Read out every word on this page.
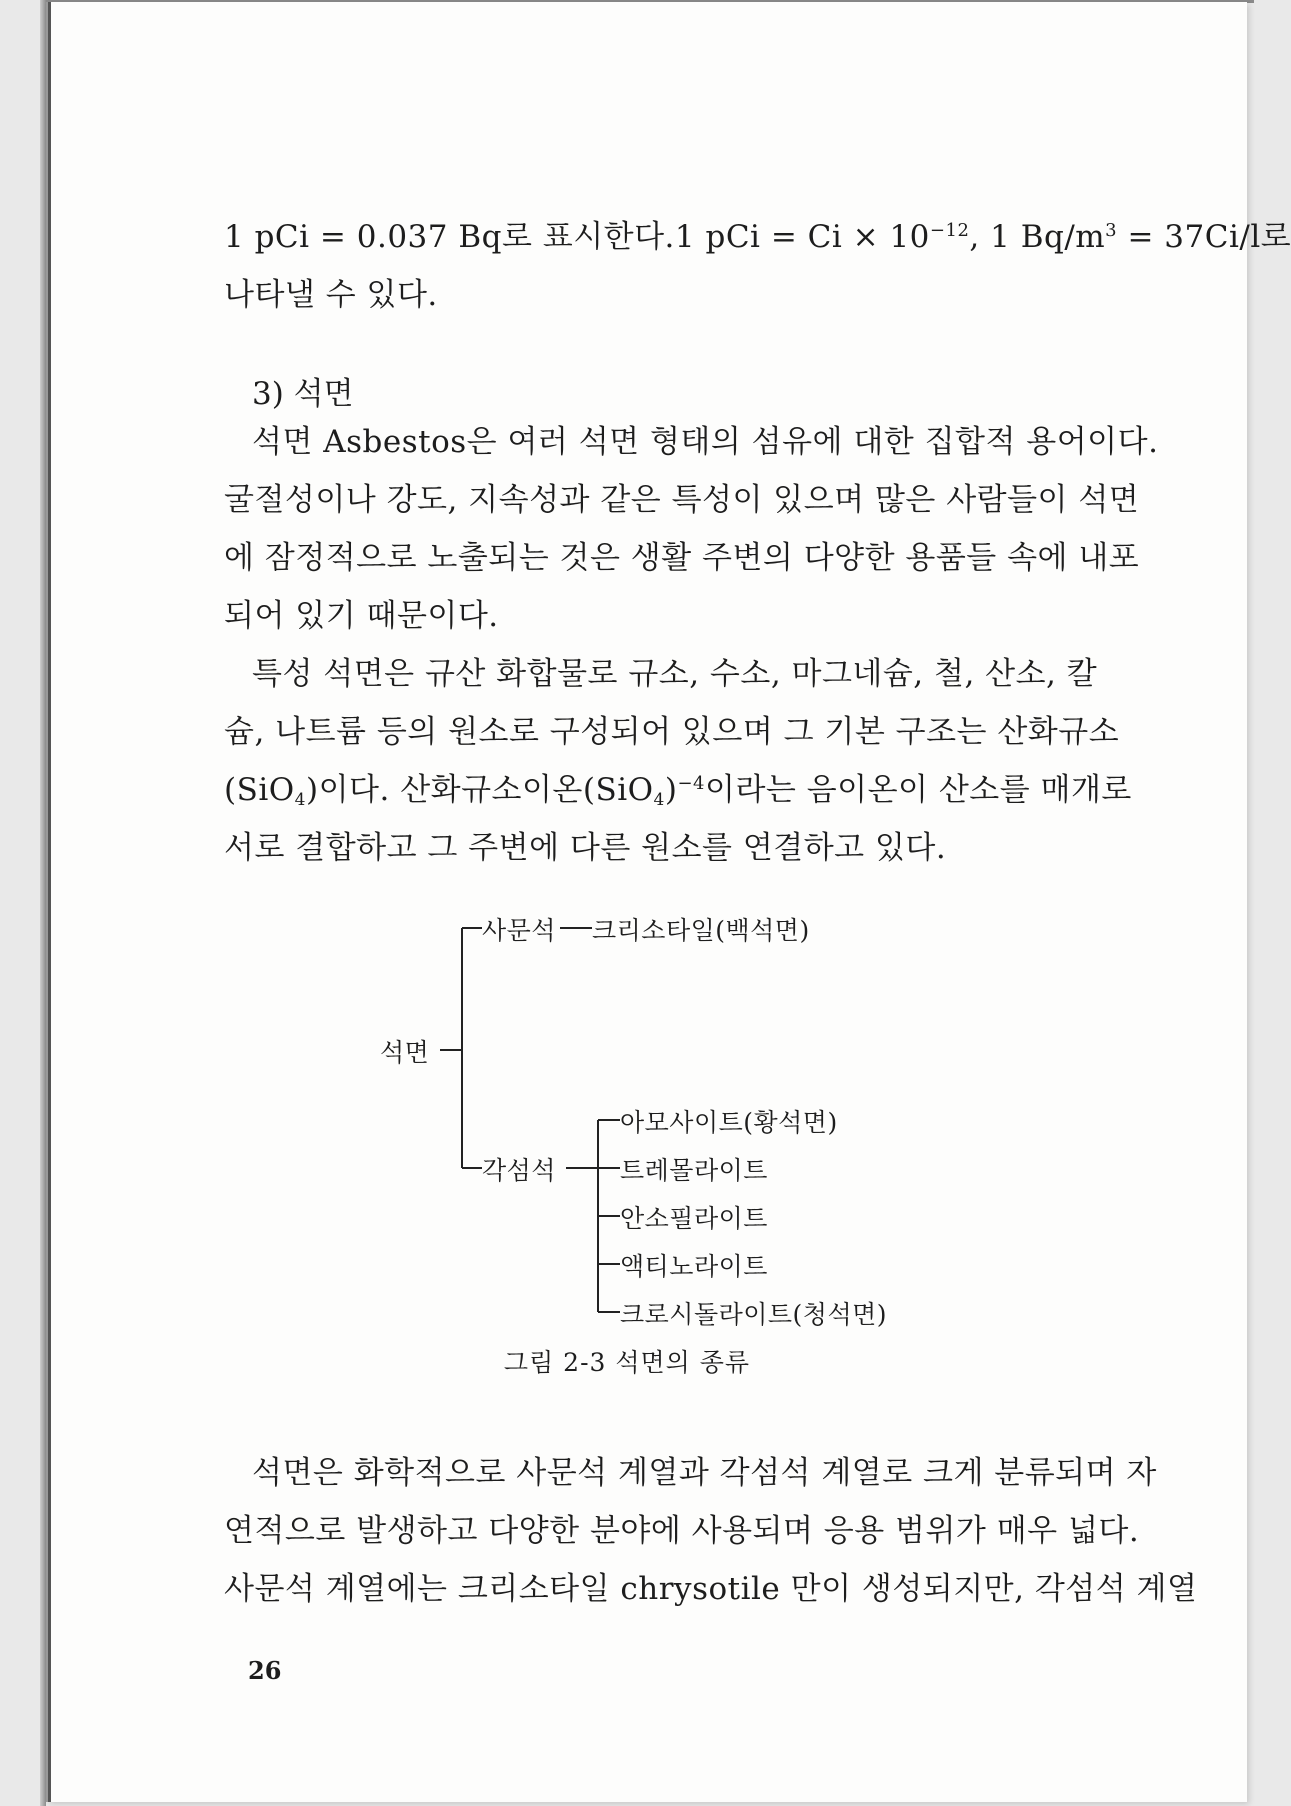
1 pCi = 0.037 Bq로 표시한다. 1 pCi = $Ci \times 10^{-12}$, 1 $Bq/m^3 = 37Ci/l$로
나타낼 수 있다.
3) 석면
석면 Asbestos은 여러 석면 형태의 섬유에 대한 집합적 용어이다.
굴절성이나 강도, 지속성과 같은 특성이 있으며 많은 사람들이 석면
에 잠정적으로 노출되는 것은 생활 주변의 다양한 용품들 속에 내포
되어 있기 때문이다.
특성 석면은 규산 화합물로 규소, 수소, 마그네슘, 철, 산소, 칼
슘, 나트륨 등의 원소로 구성되어 있으며 그 기본 구조는 산화규소
(SiO$_4$)이다. 산화규소이온$(SiO_4)^{-4}$ 이라는 음이온이 산소를 매개로
서로 결합하고 그 주변에 다른 원소를 연결하고 있다.
석면
사문석 크리소타일(백석면)
각섬석
아모사이트(황석면)
트레몰라이트
안소필라이트
액티노라이트
크로시돌라이트(청석면)
그림 2-3 석면의 종류
석면은 화학적으로 사문석 계열과 각섬석 계열로 크게 분류되며 자
연적으로 발생하고 다양한 분야에 사용되며 응용 범위가 매우 넓다.
사문석 계열에는 크리소타일 chrysotile 만이 생성되지만, 각섬석 계열
26
